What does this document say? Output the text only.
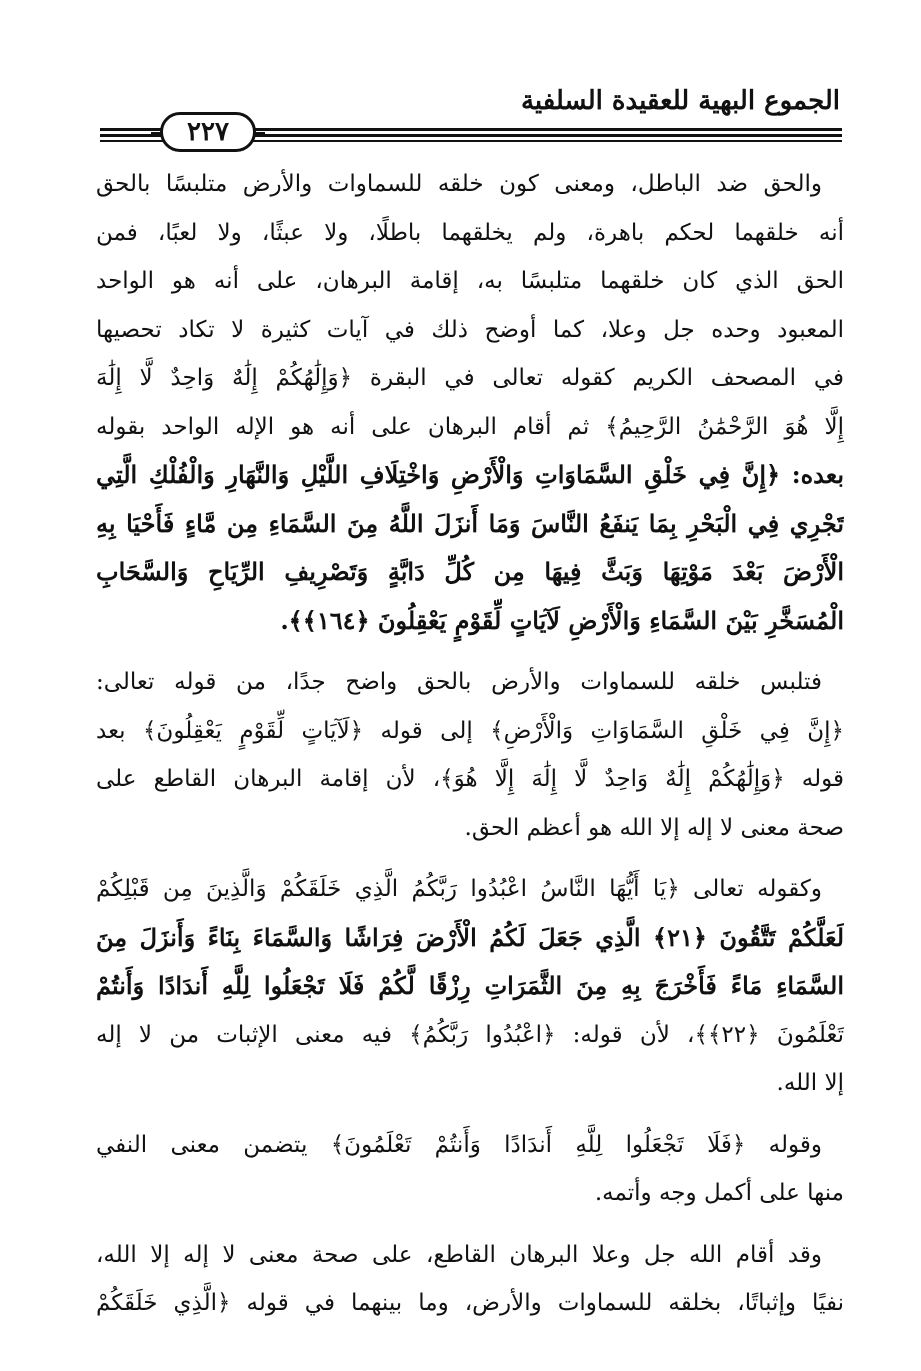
الجموع البهية للعقيدة السلفية
٢٢٧
والحق ضد الباطل، ومعنى كون خلقه للسماوات والأرض متلبسًا بالحق
أنه خلقهما لحكم باهرة، ولم يخلقهما باطلًا، ولا عبثًا، ولا لعبًا، فمن
الحق الذي كان خلقهما متلبسًا به، إقامة البرهان، على أنه هو الواحد
المعبود وحده جل وعلا، كما أوضح ذلك في آيات كثيرة لا تكاد تحصيها
في المصحف الكريم كقوله تعالى في البقرة ﴿وَإِلَٰهُكُمْ إِلَٰهٌ وَاحِدٌ لَّا إِلَٰهَ
إِلَّا هُوَ الرَّحْمَٰنُ الرَّحِيمُ﴾ ثم أقام البرهان على أنه هو الإله الواحد بقوله
بعده: ﴿إِنَّ فِي خَلْقِ السَّمَاوَاتِ وَالْأَرْضِ وَاخْتِلَافِ اللَّيْلِ وَالنَّهَارِ وَالْفُلْكِ الَّتِي
تَجْرِي فِي الْبَحْرِ بِمَا يَنفَعُ النَّاسَ وَمَا أَنزَلَ اللَّهُ مِنَ السَّمَاءِ مِن مَّاءٍ فَأَحْيَا بِهِ
الْأَرْضَ بَعْدَ مَوْتِهَا وَبَثَّ فِيهَا مِن كُلِّ دَابَّةٍ وَتَصْرِيفِ الرِّيَاحِ وَالسَّحَابِ
الْمُسَخَّرِ بَيْنَ السَّمَاءِ وَالْأَرْضِ لَآيَاتٍ لِّقَوْمٍ يَعْقِلُونَ ﴿١٦٤﴾﴾.
فتلبس خلقه للسماوات والأرض بالحق واضح جدًا، من قوله تعالى:
﴿إِنَّ فِي خَلْقِ السَّمَاوَاتِ وَالْأَرْضِ﴾ إلى قوله ﴿لَآيَاتٍ لِّقَوْمٍ يَعْقِلُونَ﴾ بعد
قوله ﴿وَإِلَٰهُكُمْ إِلَٰهٌ وَاحِدٌ لَّا إِلَٰهَ إِلَّا هُوَ﴾، لأن إقامة البرهان القاطع على
صحة معنى لا إله إلا الله هو أعظم الحق.
وكقوله تعالى ﴿يَا أَيُّهَا النَّاسُ اعْبُدُوا رَبَّكُمُ الَّذِي خَلَقَكُمْ وَالَّذِينَ مِن قَبْلِكُمْ
لَعَلَّكُمْ تَتَّقُونَ ﴿٢١﴾ الَّذِي جَعَلَ لَكُمُ الْأَرْضَ فِرَاشًا وَالسَّمَاءَ بِنَاءً وَأَنزَلَ مِنَ
السَّمَاءِ مَاءً فَأَخْرَجَ بِهِ مِنَ الثَّمَرَاتِ رِزْقًا لَّكُمْ فَلَا تَجْعَلُوا لِلَّهِ أَندَادًا وَأَنتُمْ
تَعْلَمُونَ ﴿٢٢﴾﴾، لأن قوله: ﴿اعْبُدُوا رَبَّكُمُ﴾ فيه معنى الإثبات من لا إله
إلا الله.
وقوله ﴿فَلَا تَجْعَلُوا لِلَّهِ أَندَادًا وَأَنتُمْ تَعْلَمُونَ﴾ يتضمن معنى النفي
منها على أكمل وجه وأتمه.
وقد أقام الله جل وعلا البرهان القاطع، على صحة معنى لا إله إلا الله،
نفيًا وإثباتًا، بخلقه للسماوات والأرض، وما بينهما في قوله ﴿الَّذِي خَلَقَكُمْ
